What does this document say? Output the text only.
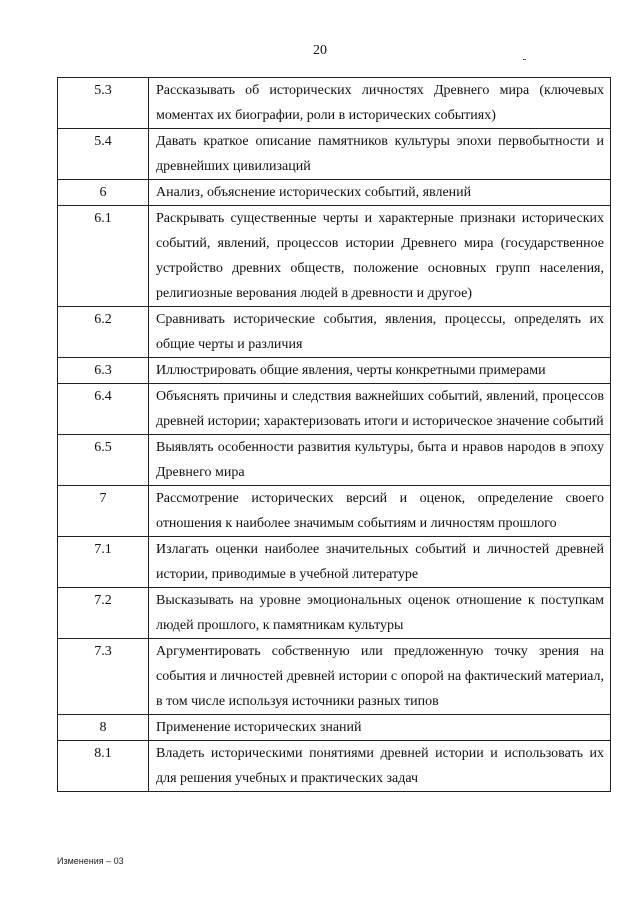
20
5.3	Рассказывать об исторических личностях Древнего мира (ключевых моментах их биографии, роли в исторических событиях)
5.4	Давать краткое описание памятников культуры эпохи первобытности и древнейших цивилизаций
6	Анализ, объяснение исторических событий, явлений
6.1	Раскрывать существенные черты и характерные признаки исторических событий, явлений, процессов истории Древнего мира (государственное устройство древних обществ, положение основных групп населения, религиозные верования людей в древности и другое)
6.2	Сравнивать исторические события, явления, процессы, определять их общие черты и различия
6.3	Иллюстрировать общие явления, черты конкретными примерами
6.4	Объяснять причины и следствия важнейших событий, явлений, процессов древней истории; характеризовать итоги и историческое значение событий
6.5	Выявлять особенности развития культуры, быта и нравов народов в эпоху Древнего мира
7	Рассмотрение исторических версий и оценок, определение своего отношения к наиболее значимым событиям и личностям прошлого
7.1	Излагать оценки наиболее значительных событий и личностей древней истории, приводимые в учебной литературе
7.2	Высказывать на уровне эмоциональных оценок отношение к поступкам людей прошлого, к памятникам культуры
7.3	Аргументировать собственную или предложенную точку зрения на события и личностей древней истории с опорой на фактический материал, в том числе используя источники разных типов
8	Применение исторических знаний
8.1	Владеть историческими понятиями древней истории и использовать их для решения учебных и практических задач
Изменения – 03
